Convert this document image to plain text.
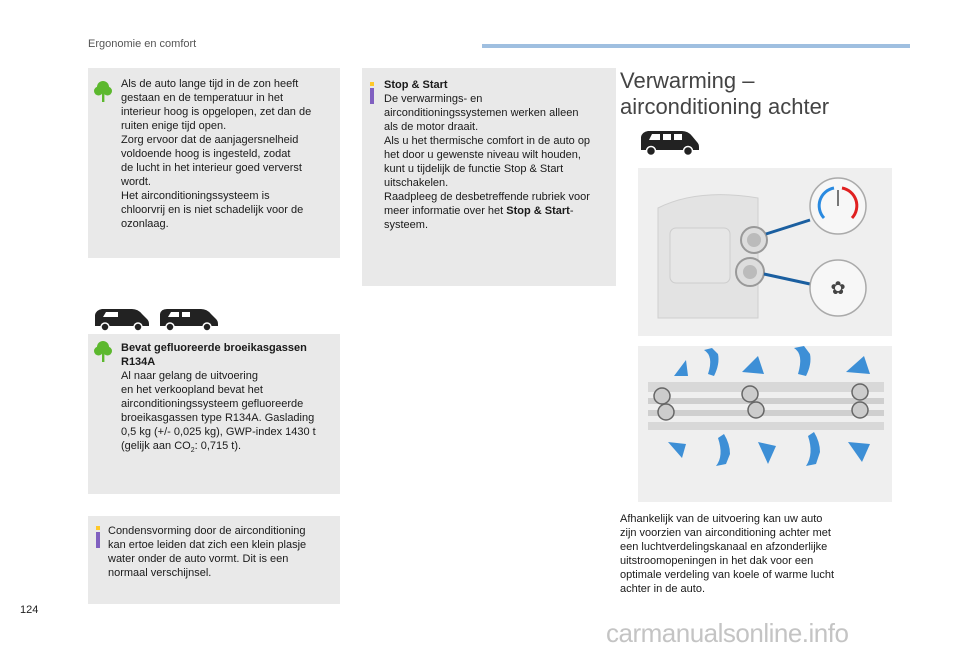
Ergonomie en comfort

Als de auto lange tijd in de zon heeft

gestaan en de temperatuur in het

interieur hoog is opgelopen, zet dan de

ruiten enige tijd open.

Zorg ervoor dat de aanjagersnelheid

voldoende hoog is ingesteld, zodat

de lucht in het interieur goed ververst

wordt.

Het airconditioningssysteem is

chloorvrij en is niet schadelijk voor de

ozonlaag.

Bevat gefluoreerde broeikasgassen

R134A

Al naar gelang de uitvoering

en het verkoopland bevat het

airconditioningssysteem gefluoreerde

broeikasgassen type R134A. Gaslading

0,5 kg (+/- 0,025 kg), GWP-index 1430 t

(gelijk aan $CO_2$: 0,715 t).

Condensvorming door de airconditioning

kan ertoe leiden dat zich een klein plasje

water onder de auto vormt. Dit is een

normaal verschijnsel.

Stop & Start

De verwarmings- en

airconditioningssystemen werken alleen

als de motor draait.

Als u het thermische comfort in de auto op

het door u gewenste niveau wilt houden,

kunt u tijdelijk de functie Stop & Start

uitschakelen.

Raadpleeg de desbetreffende rubriek voor

meer informatie over het Stop & Start-

systeem.

Verwarming –
airconditioning achter
✿
Afhankelijk van de uitvoering kan uw auto
zijn voorzien van airconditioning achter met
een luchtverdelingskanaal en afzonderlijke
uitstroomopeningen in het dak voor een
optimale verdeling van koele of warme lucht
achter in de auto.
124
carmanualsonline.info
